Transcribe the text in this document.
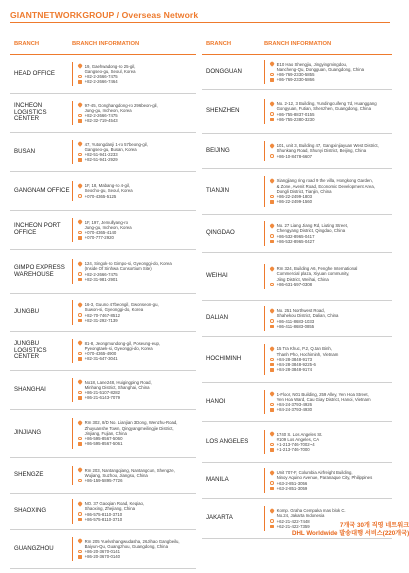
GIANTNETWORKGROUP / Overseas Network
BRANCH	BRANCH INFORMATION
HEAD OFFICE
19, Gaehwadong-ro 25-gil,
Gangseo-gu, Seoul, Korea
+82-2-2666-7475
+82-2-2666-7464
INCHEON LOGISTICS CENTER
97-45, Gonghangdong-ro 296beon-gil,
Jung-gu, Incheon, Korea
+82-2-2666-7475
+82-32-719-4543
BUSAN
47, Yutongdanji 1-ro 57beong-gil,
Gangseo-gu, Busan, Korea
+82-51-941-2233
+82-51-941-2929
GANGNAM OFFICE
1F, 18, Mabang-ro 4-gil,
Seocho-gu, Seoul, Korea
+070-4365-5125
INCHEON PORT OFFICE
1F, 197, Jemullyang-ro
Jung-gu, Incheon, Korea
+070-4365-4140
+070-777-2920
GIMPO EXPRESS WAREHOUSE
124, Singok-ro Gimpo-si, Gyeonggi-do, Korea
(Inside Of Sinhwa Consortium Site)
+82-2-2666-7475
+82-31-981-2901
JUNGBU
16-3, Guuno 47beongil, Gwonseon-gu,
Suwon-si, Gyeonggi-do, Korea
+82-70-7467-8512
+82-31-292-7139
JUNGBU LOGISTICS CENTER
81-8, Jeongmundong-gil, Poseung-eup,
Pyeongtaek-si, Gyeonggi-do, Korea
+070-4365-4900
+82-31-647-3041
SHANGHAI
No18, Lane248, Huigingping Road,
Minhang District, Shanghai, China
+86-21-5107-8282
+86-21-6143-7079
JINJIANG
Rm 302, 8/D No. Lianjian 3Dong, Wenzhu-Road,
Zhuyuanshe Town, Qingyangmeilingjie District,
Jinjiang, Fujian, China
+86-595-8567-5060
+86-595-8567-5061
SHENGZE
Rm 203, Nantangqiang, Nantangcun, Shengze,
Wujiang, Suzhou, Jiangsu, China
+86-159-5895-7726
SHAOXING
NO. 37 Gaoqian Road, Keqiao,
Shaoxing, Zhejiang, China
+86-575-8110-3710
+86-575-8110-3710
GUANGZHOU
Rm 205 Yuelvshangwudasha, 26Jihao Gangbeilu,
Baiyun-Qu, Guangzhou, Guangdong, China
+86-20-3670-0141
+86-20-3670-0140
BRANCH	BRANCH INFORMATION
DONGGUAN
E10 Hao Shengjiu, Jingyingmingdou,
Nancheng-Qu, Dongguan, Guangdong, China
+86-769-2330-5855
+86-769-2330-5866
SHENZHEN
No. 2-12, 3 Building, Yundingcuifeng 7d, Huanggang
Gongyuan, Futian, Shenzhen, Guangdong, China
+86-755-8837-0155
+86-755-2380-3230
BEIJING
101, unit 3, Building 47, Gangxinjiayuan West District,
Shunkang Road, Shunyi District, Beijing, China
+86-10-8478-6607
TIANJIN
Xiangjiang ring road 9 the villa, Hongkong Garden,
& Zone, Avenit Road, Economic Development Area,
Dongli District, Tianjin, China
+86-22-2499-1803
+86-22-2499-1560
QINGDAO
No. 27 Liang Jiang Rd, Liuting Street,
Chengyang District, Qingdao, China
+86-532-8965-0417
+86-532-8965-0427
WEIHAI
Rm 324, Building A6, Fenghe International
Commercial plaza, Xiyuan community,
Jiing District, Weihai, China
+86-631-597-0308
DALIAN
No. 251 Northwest Road,
Shahekou District, Dalian, China
+86-411-8683-1033
+86-411-8683-0855
HOCHIMINH
15 Tra Khuc, P.2, Q.tan Binh,
Thanh Pho, Hochiminh, Vietnam
+84-28-3848-9173
+84-28-3848-9225-6
+84-28-3848-9174
HANOI
1-Floor, N01 Building, 259 Alley, Yen Hoa Street,
Yen Hoa Ward, Cau Giay District, Hanoi, Vietnam
+84-24-3793-4926
+84-24-3793-4930
LOS ANGELES
1740 S. Los Angeles St.
#109 Los Angeles, CA
+1-213-746-7002~4
+1-213-746-7000
MANILA
Unit 707-F, Columbia Airfreight Building,
Ninoy Aquino Avenue, Paranaque City, Philippines
+63-2-851-3056
+63-2-851-3059
JAKARTA
Komp. Graha Cempaka mas blok C.
No.24, Jakarta Indonesia
+62-21-422-7448
+62-21-422-7359	7개국 30개 직영 네트워크
DHL Worldwide 발송대행 서비스(220개국)
